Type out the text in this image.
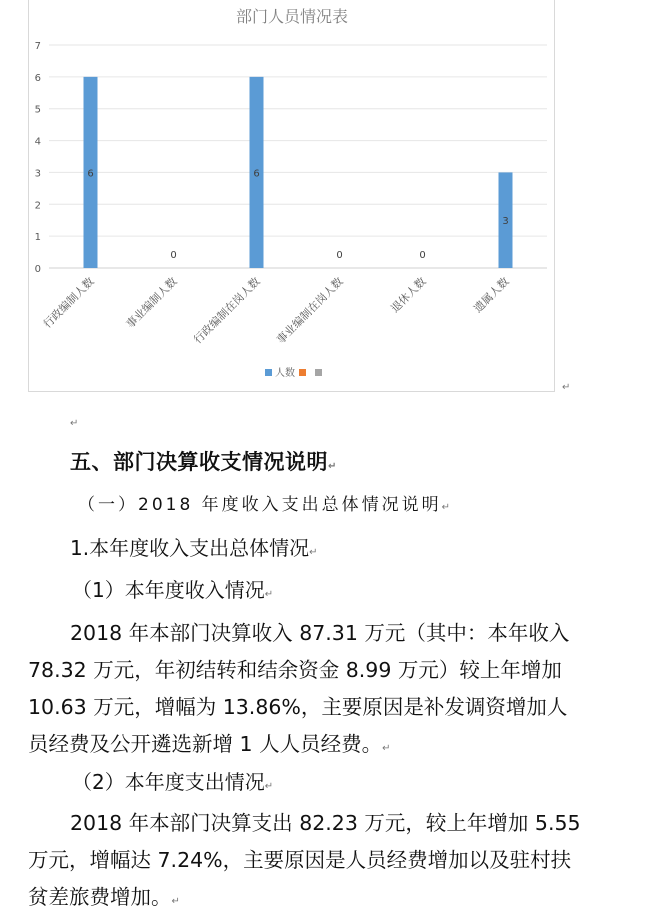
部门人员情况表
0
1
2
3
4
5
6
7
6
行政编制人数
0
事业编制人数
6
行政编制在岗人数
0
事业编制在岗人数
0
退休人数
3
遗属人数
人数
↵
↵
五、部门决算收支情况说明↵
（一）2018 年度收入支出总体情况说明↵
1.本年度收入支出总体情况↵
（1）本年度收入情况↵
2018 年本部门决算收入 87.31 万元（其中：本年收入
78.32 万元，年初结转和结余资金 8.99 万元）较上年增加
10.63 万元，增幅为 13.86%，主要原因是补发调资增加人
员经费及公开遴选新增 1 人人员经费。↵
（2）本年度支出情况↵
2018 年本部门决算支出 82.23 万元，较上年增加 5.55
万元，增幅达 7.24%，主要原因是人员经费增加以及驻村扶
贫差旅费增加。↵
